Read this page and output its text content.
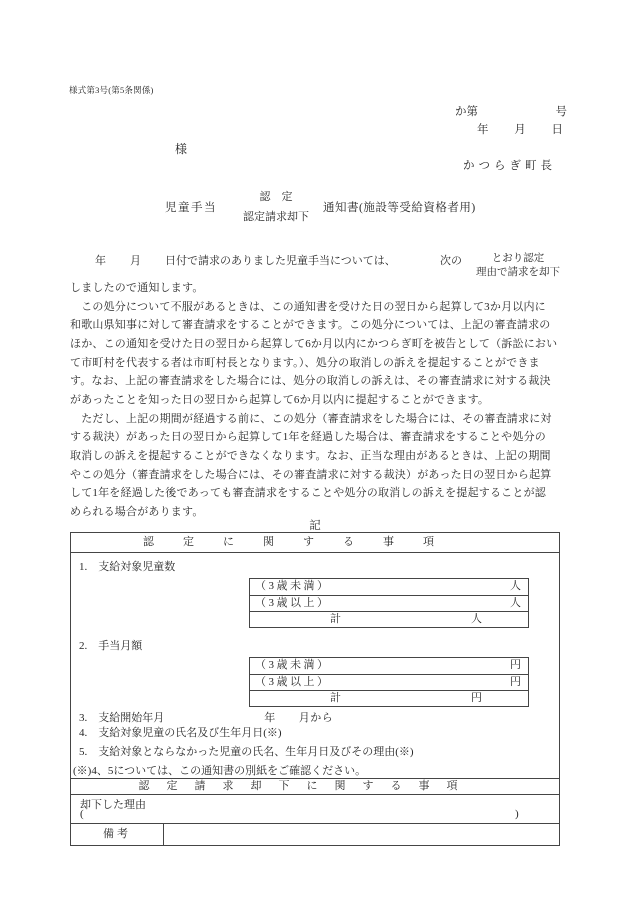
様式第3号(第5条関係)
か第	号
年 月 日
様
かつらぎ町長
児童手当
認　定
認定請求却下
通知書(施設等受給資格者用)
年 月 日付で請求のありました児童手当については、	次の	とおり認定
理由で請求を却下
しましたので通知します。
　この処分について不服があるときは、この通知書を受けた日の翌日から起算して3か月以内に
和歌山県知事に対して審査請求をすることができます。この処分については、上記の審査請求の
ほか、この通知を受けた日の翌日から起算して6か月以内にかつらぎ町を被告として（訴訟におい
て市町村を代表する者は市町村長となります。）、処分の取消しの訴えを提起することができま
す。なお、上記の審査請求をした場合には、処分の取消しの訴えは、その審査請求に対する裁決
があったことを知った日の翌日から起算して6か月以内に提起することができます。
　ただし、上記の期間が経過する前に、この処分（審査請求をした場合には、その審査請求に対
する裁決）があった日の翌日から起算して1年を経過した場合は、審査請求をすることや処分の
取消しの訴えを提起することができなくなります。なお、正当な理由があるときは、上記の期間
やこの処分（審査請求をした場合には、その審査請求に対する裁決）があった日の翌日から起算
して1年を経過した後であっても審査請求をすることや処分の取消しの訴えを提起することが認
められる場合があります。
記
認定に関する事項
1.　支給対象児童数
（3歳未満）	人
（3歳以上）	人
計	人
2.　手当月額
（3歳未満）	円
（3歳以上）	円
計	円
3.　支給開始年月	年　　月から
4.　支給対象児童の氏名及び生年月日(※)
5.　支給対象とならなかった児童の氏名、生年月日及びその理由(※)
(※)4、5については、この通知書の別紙をご確認ください。
認定請求却下に関する事項
却下した理由
(	)
備考
